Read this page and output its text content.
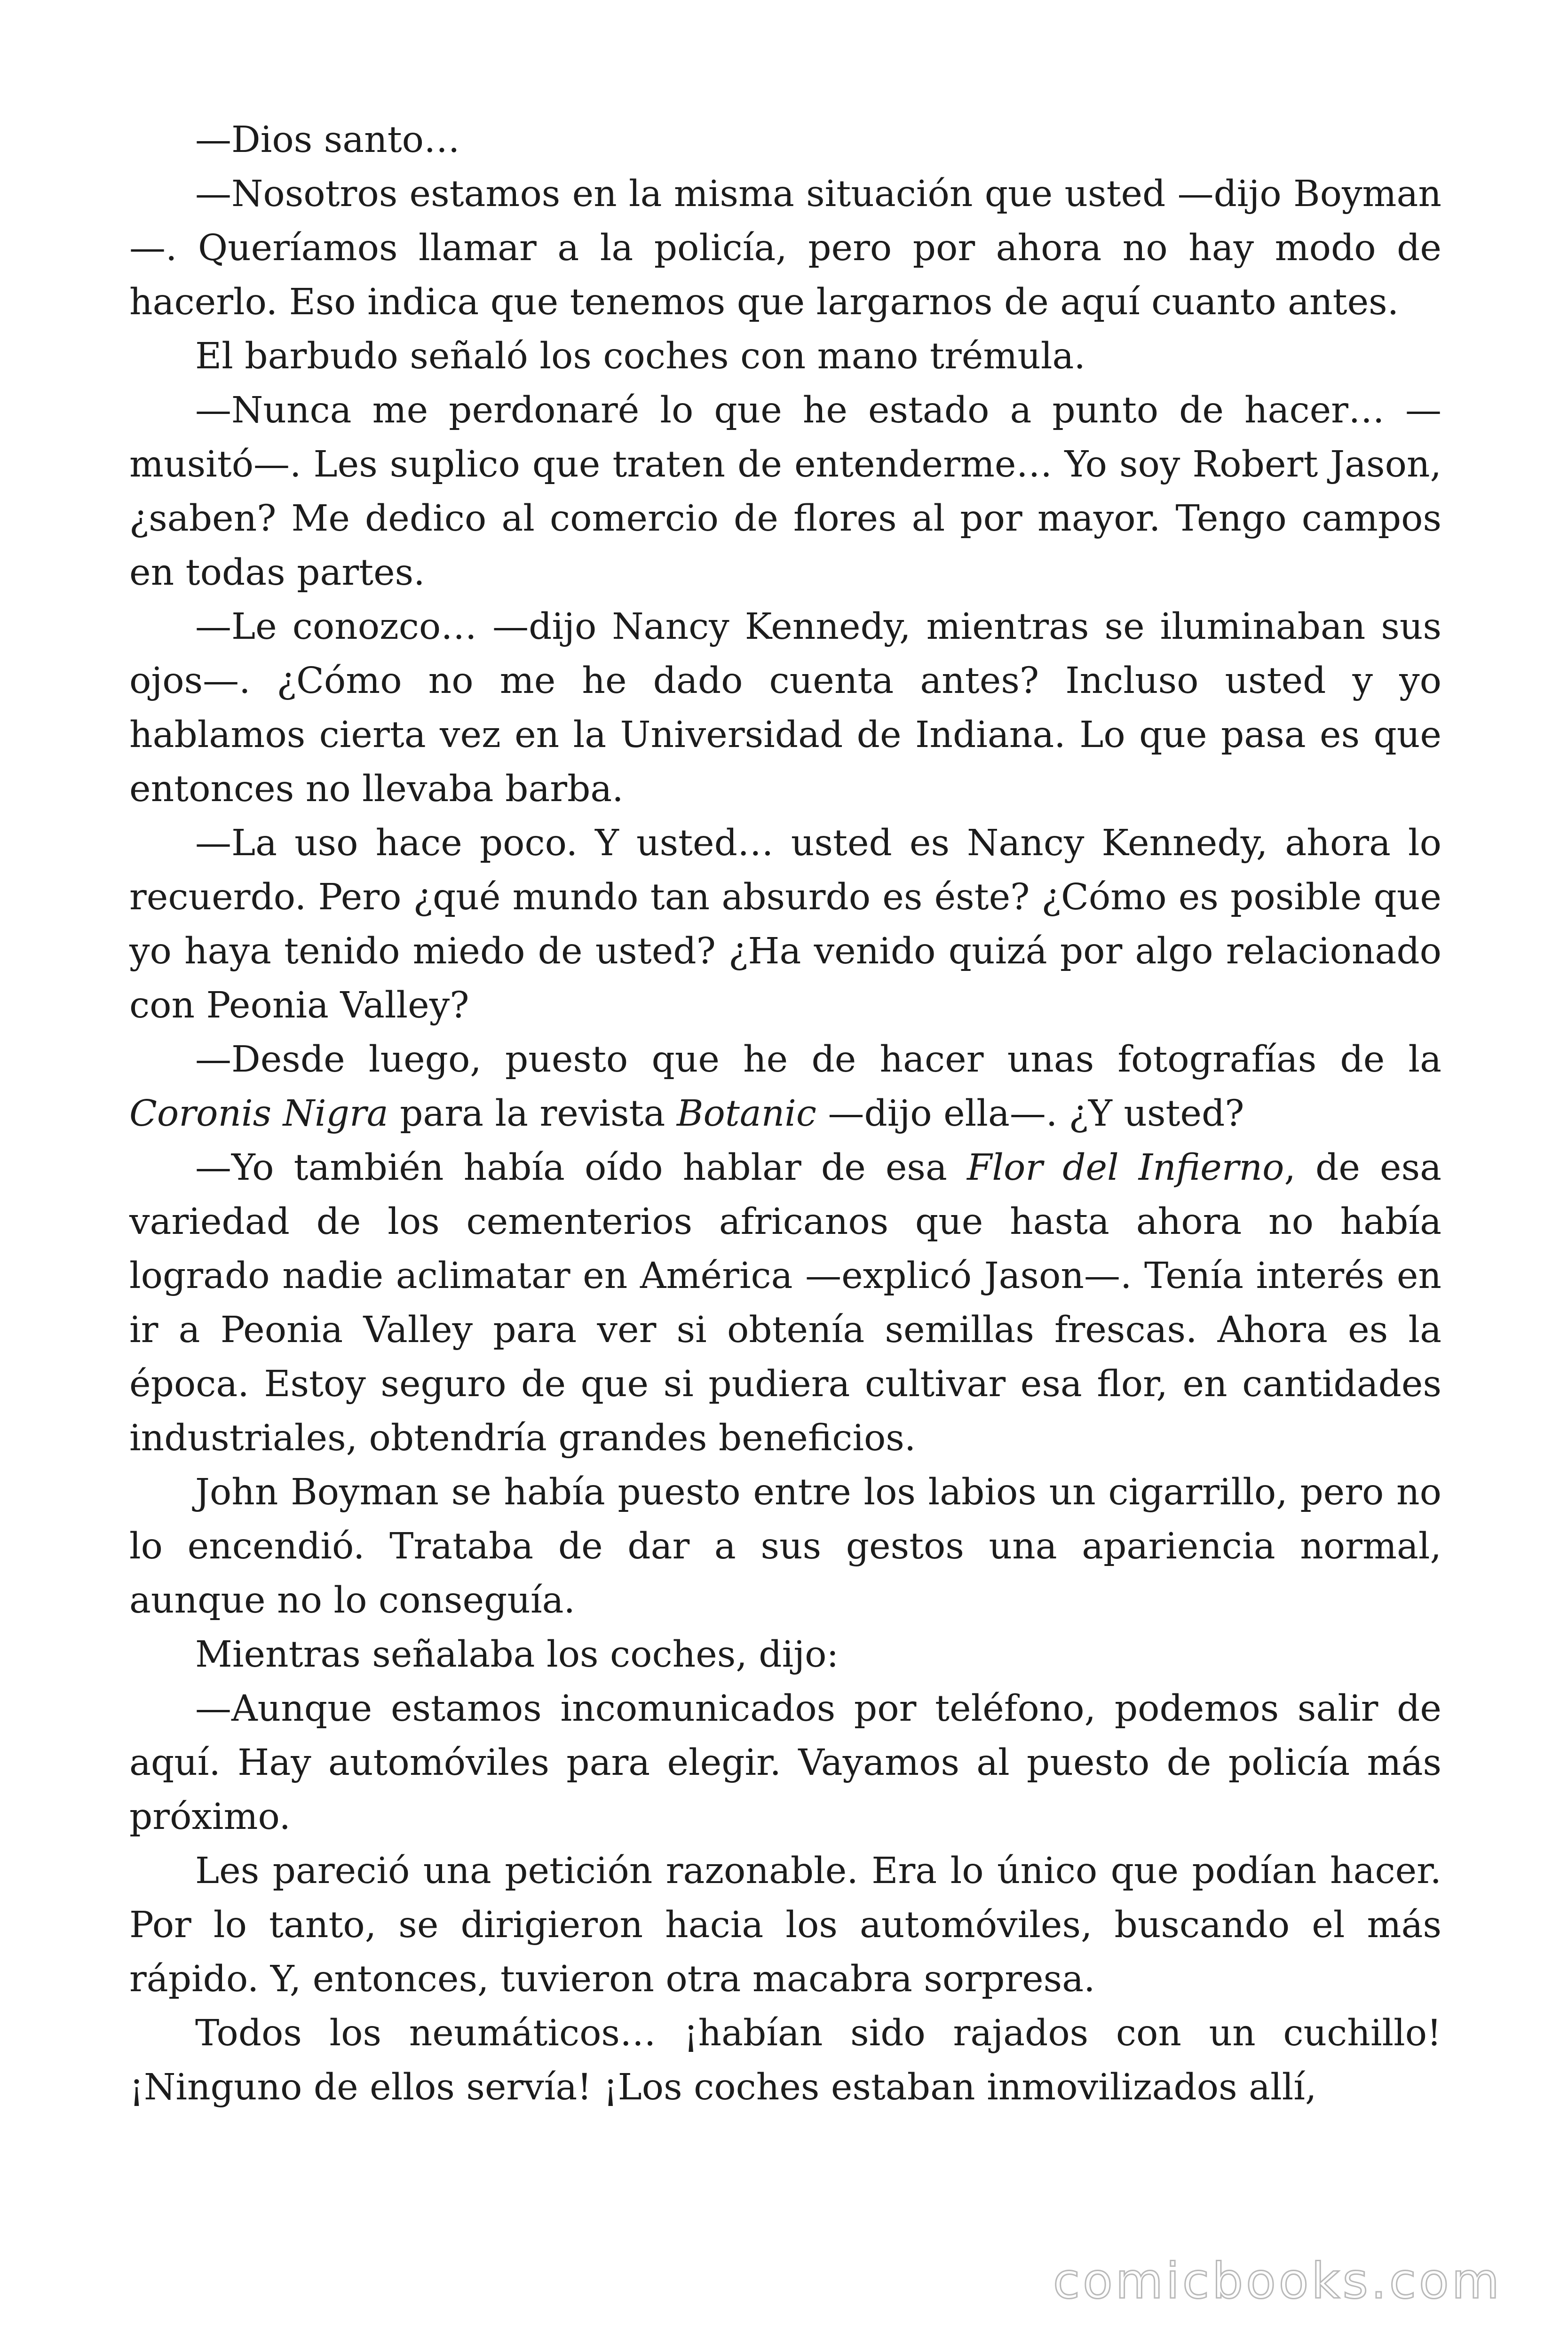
—Dios santo…

—Nosotros estamos en la misma situación que usted —dijo Boyman—. Queríamos llamar a la policía, pero por ahora no hay modo de hacerlo. Eso indica que tenemos que largarnos de aquí cuanto antes.

El barbudo señaló los coches con mano trémula.

—Nunca me perdonaré lo que he estado a punto de hacer… —musitó—. Les suplico que traten de entenderme… Yo soy Robert Jason, ¿saben? Me dedico al comercio de flores al por mayor. Tengo campos en todas partes.

—Le conozco… —dijo Nancy Kennedy, mientras se iluminaban sus ojos—. ¿Cómo no me he dado cuenta antes? Incluso usted y yo hablamos cierta vez en la Universidad de Indiana. Lo que pasa es que entonces no llevaba barba.

—La uso hace poco. Y usted… usted es Nancy Kennedy, ahora lo recuerdo. Pero ¿qué mundo tan absurdo es éste? ¿Cómo es posible que yo haya tenido miedo de usted? ¿Ha venido quizá por algo relacionado con Peonia Valley?

—Desde luego, puesto que he de hacer unas fotografías de la Coronis Nigra para la revista Botanic —dijo ella—. ¿Y usted?

—Yo también había oído hablar de esa Flor del Infierno, de esa variedad de los cementerios africanos que hasta ahora no había logrado nadie aclimatar en América —explicó Jason—. Tenía interés en ir a Peonia Valley para ver si obtenía semillas frescas. Ahora es la época. Estoy seguro de que si pudiera cultivar esa flor, en cantidades industriales, obtendría grandes beneficios.

John Boyman se había puesto entre los labios un cigarrillo, pero no lo encendió. Trataba de dar a sus gestos una apariencia normal, aunque no lo conseguía.

Mientras señalaba los coches, dijo:

—Aunque estamos incomunicados por teléfono, podemos salir de aquí. Hay automóviles para elegir. Vayamos al puesto de policía más próximo.

Les pareció una petición razonable. Era lo único que podían hacer. Por lo tanto, se dirigieron hacia los automóviles, buscando el más rápido. Y, entonces, tuvieron otra macabra sorpresa.

Todos los neumáticos… ¡habían sido rajados con un cuchillo! ¡Ninguno de ellos servía! ¡Los coches estaban inmovilizados allí,

comicbooks.com
